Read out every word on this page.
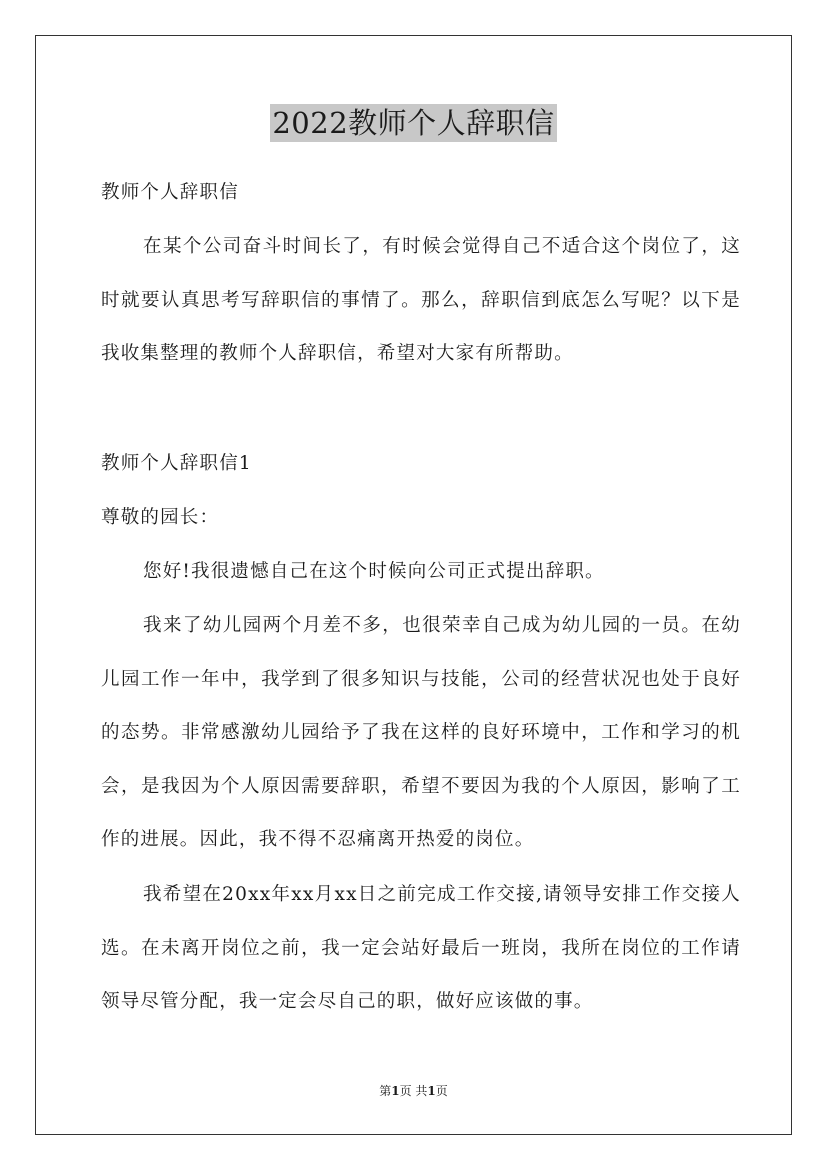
2022教师个人辞职信

教师个人辞职信

在某个公司奋斗时间长了，有时候会觉得自己不适合这个岗位了，这时就要认真思考写辞职信的事情了。那么，辞职信到底怎么写呢？以下是我收集整理的教师个人辞职信，希望对大家有所帮助。

教师个人辞职信1

尊敬的园长：

您好!我很遗憾自己在这个时候向公司正式提出辞职。

我来了幼儿园两个月差不多，也很荣幸自己成为幼儿园的一员。在幼儿园工作一年中，我学到了很多知识与技能，公司的经营状况也处于良好的态势。非常感激幼儿园给予了我在这样的良好环境中，工作和学习的机会，是我因为个人原因需要辞职，希望不要因为我的个人原因，影响了工作的进展。因此，我不得不忍痛离开热爱的岗位。

我希望在20xx年xx月xx日之前完成工作交接,请领导安排工作交接人选。在未离开岗位之前，我一定会站好最后一班岗，我所在岗位的工作请领导尽管分配，我一定会尽自己的职，做好应该做的事。

第1页 共1页
